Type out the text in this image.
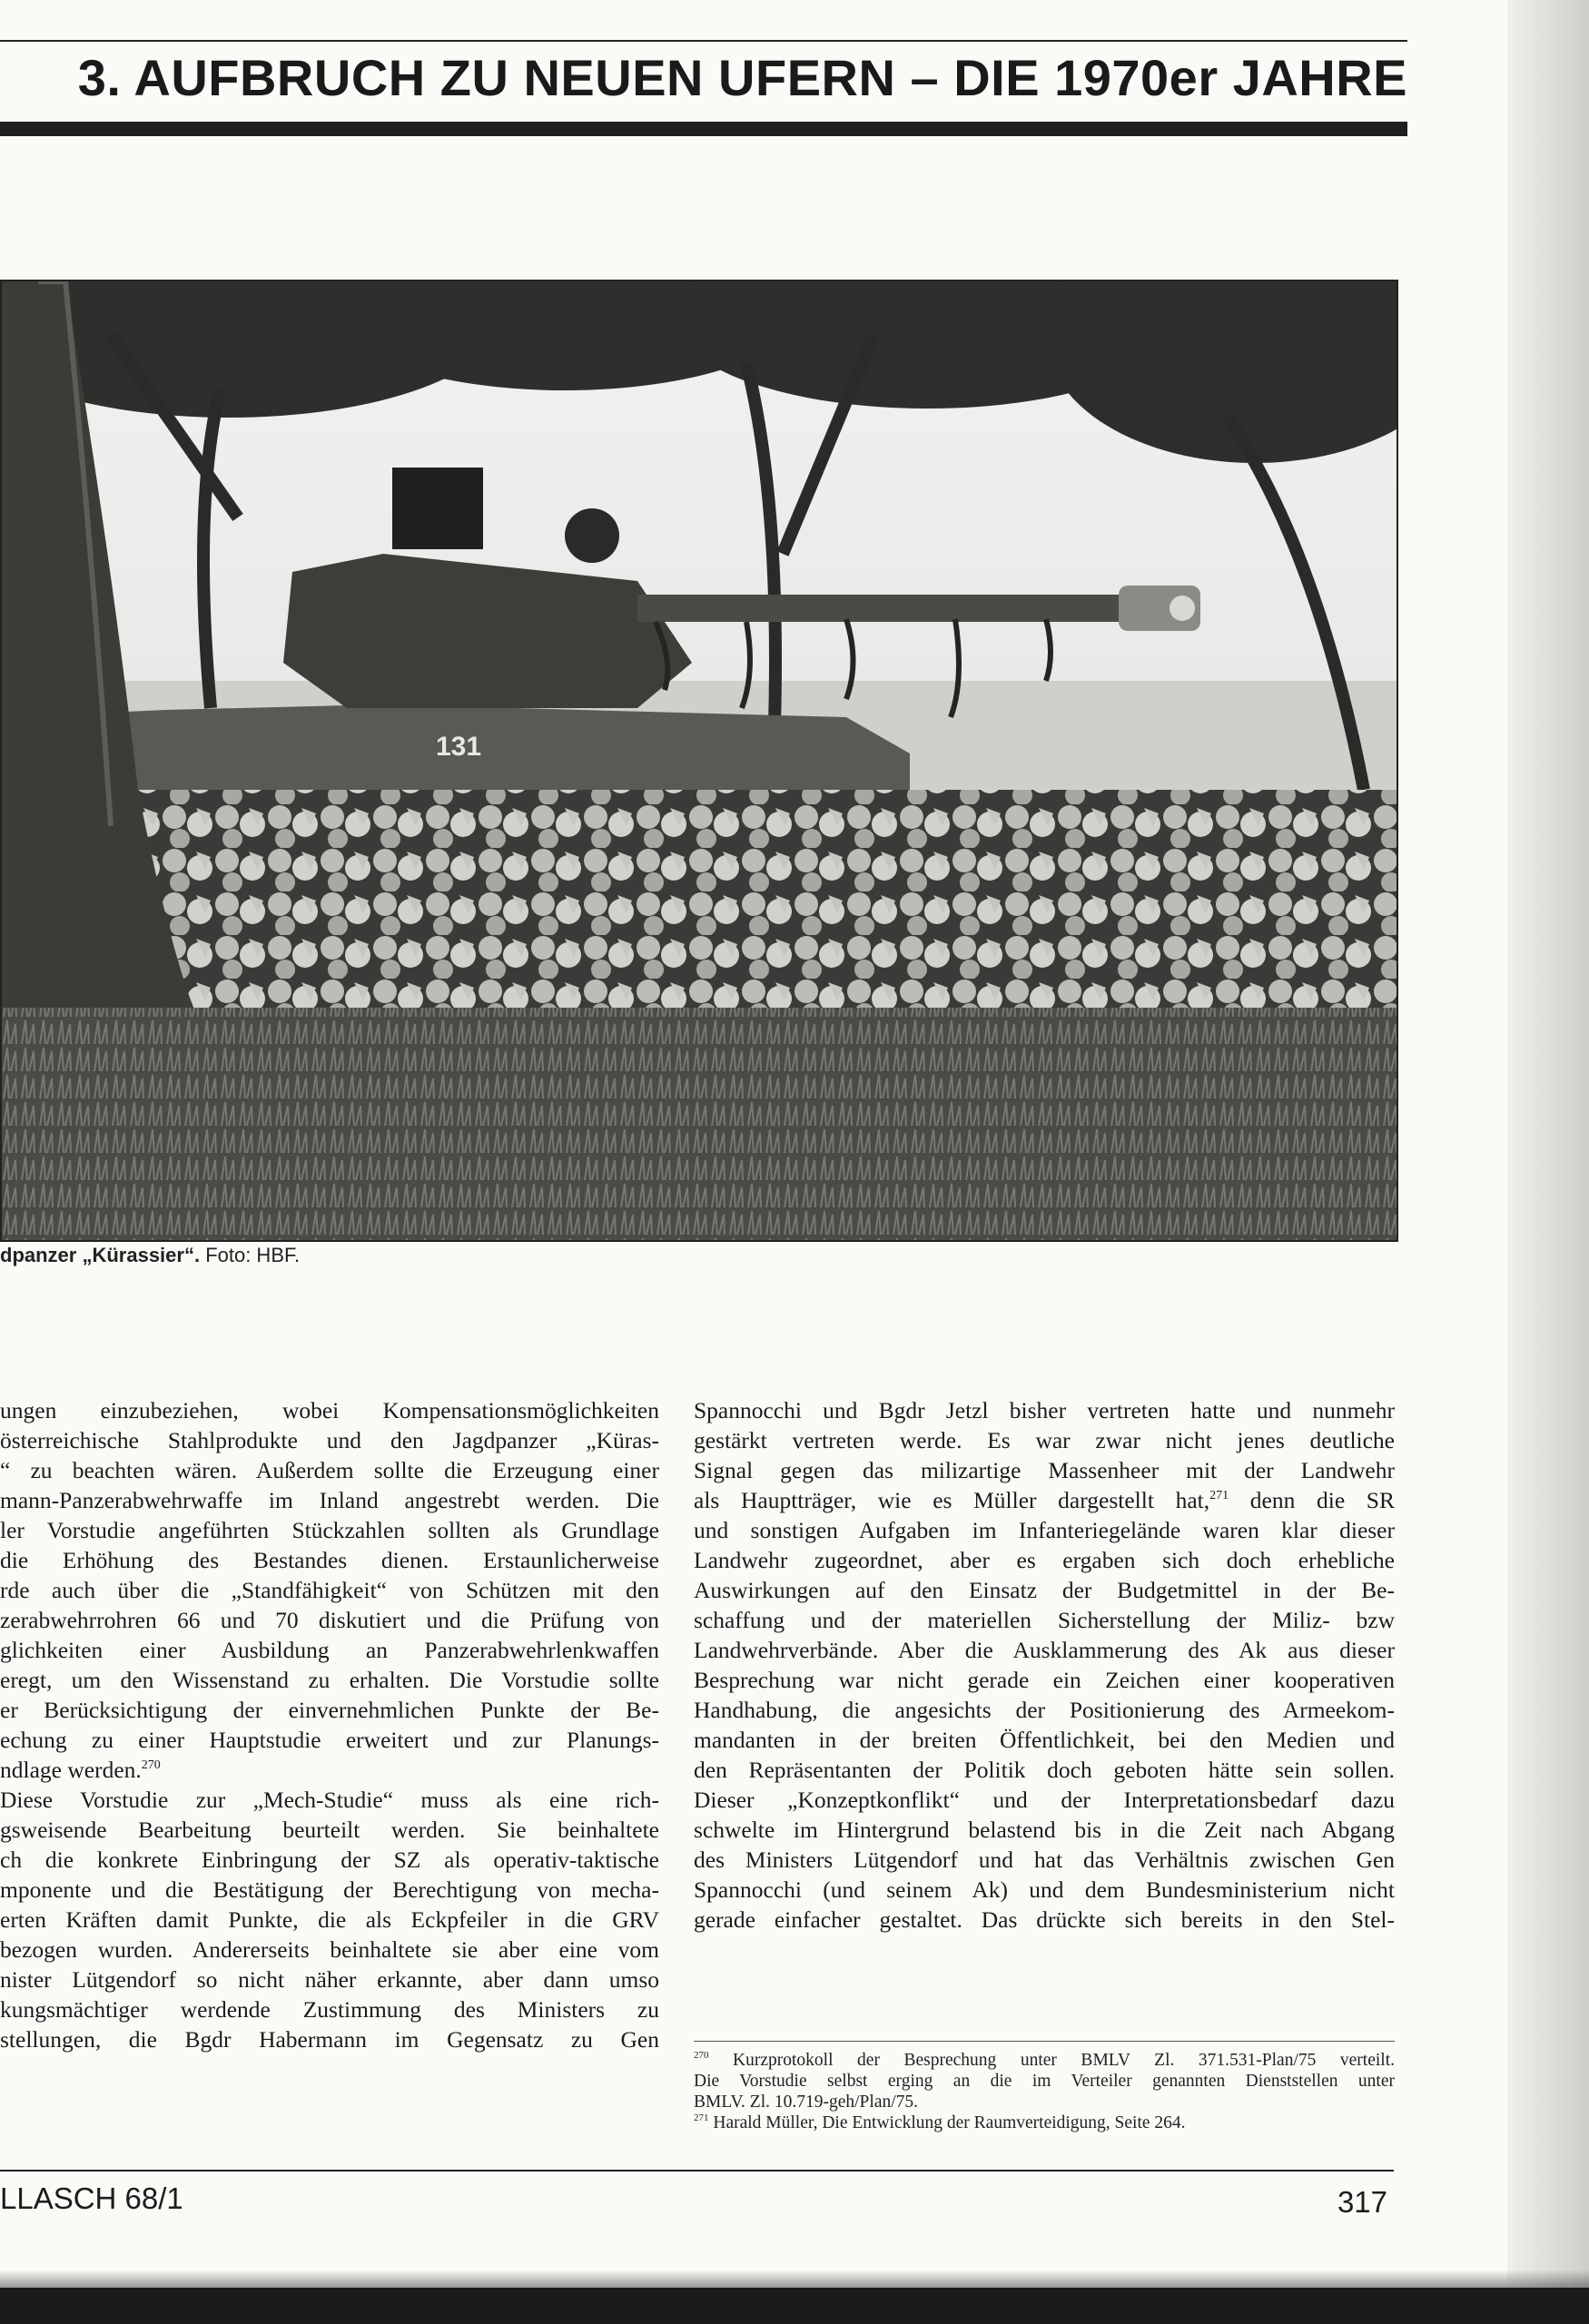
3. AUFBRUCH ZU NEUEN UFERN – DIE 1970er JAHRE
131
dpanzer „Kürassier“. Foto: HBF.
ungen einzubeziehen, wobei Kompensationsmöglichkeiten
österreichische Stahlprodukte und den Jagdpanzer „Küras-
“ zu beachten wären. Außerdem sollte die Erzeugung einer
mann-Panzerabwehrwaffe im Inland angestrebt werden. Die
ler Vorstudie angeführten Stückzahlen sollten als Grundlage
die Erhöhung des Bestandes dienen. Erstaunlicherweise
rde auch über die „Standfähigkeit“ von Schützen mit den
zerabwehrrohren 66 und 70 diskutiert und die Prüfung von
glichkeiten einer Ausbildung an Panzerabwehrlenkwaffen
eregt, um den Wissenstand zu erhalten. Die Vorstudie sollte
er Berücksichtigung der einvernehmlichen Punkte der Be-
echung zu einer Hauptstudie erweitert und zur Planungs-
ndlage werden.$^{270}$
Diese Vorstudie zur „Mech-Studie“ muss als eine rich-
gsweisende Bearbeitung beurteilt werden. Sie beinhaltete
ch die konkrete Einbringung der SZ als operativ-taktische
mponente und die Bestätigung der Berechtigung von mecha-
erten Kräften damit Punkte, die als Eckpfeiler in die GRV
bezogen wurden. Andererseits beinhaltete sie aber eine vom
nister Lütgendorf so nicht näher erkannte, aber dann umso
kungsmächtiger werdende Zustimmung des Ministers zu
stellungen, die Bgdr Habermann im Gegensatz zu Gen
Spannocchi und Bgdr Jetzl bisher vertreten hatte und nunmehr
gestärkt vertreten werde. Es war zwar nicht jenes deutliche
Signal gegen das milizartige Massenheer mit der Landwehr
als Hauptträger, wie es Müller dargestellt hat,$^{271}$ denn die SR
und sonstigen Aufgaben im Infanteriegelände waren klar dieser
Landwehr zugeordnet, aber es ergaben sich doch erhebliche
Auswirkungen auf den Einsatz der Budgetmittel in der Be-
schaffung und der materiellen Sicherstellung der Miliz- bzw
Landwehrverbände. Aber die Ausklammerung des Ak aus dieser
Besprechung war nicht gerade ein Zeichen einer kooperativen
Handhabung, die angesichts der Positionierung des Armeekom-
mandanten in der breiten Öffentlichkeit, bei den Medien und
den Repräsentanten der Politik doch geboten hätte sein sollen.
Dieser „Konzeptkonflikt“ und der Interpretationsbedarf dazu
schwelte im Hintergrund belastend bis in die Zeit nach Abgang
des Ministers Lütgendorf und hat das Verhältnis zwischen Gen
Spannocchi (und seinem Ak) und dem Bundesministerium nicht
gerade einfacher gestaltet. Das drückte sich bereits in den Stel-
$^{270}$ Kurzprotokoll der Besprechung unter BMLV Zl. 371.531-Plan/75 verteilt.
Die Vorstudie selbst erging an die im Verteiler genannten Dienststellen unter
BMLV. Zl. 10.719-geh/Plan/75.
$^{271}$ Harald Müller, Die Entwicklung der Raumverteidigung, Seite 264.
LLASCH 68/1	317
